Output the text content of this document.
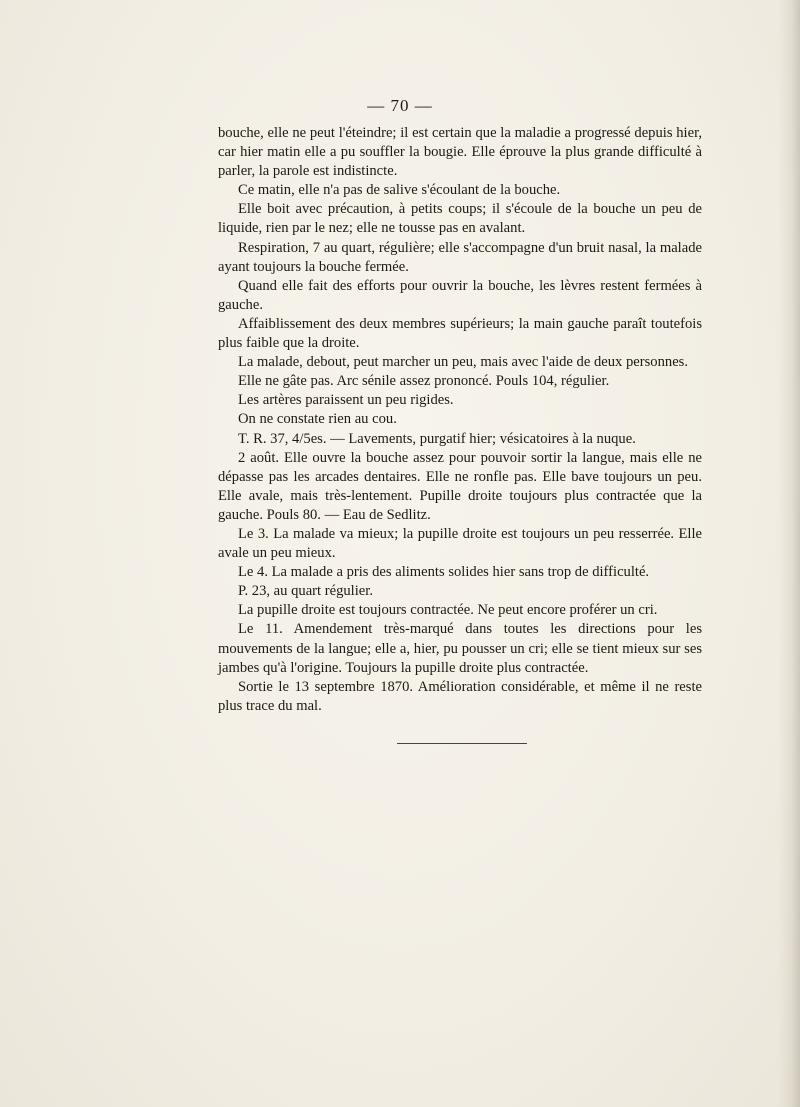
— 70 —

bouche, elle ne peut l'éteindre; il est certain que la maladie a progressé depuis hier, car hier matin elle a pu souffler la bougie. Elle éprouve la plus grande difficulté à parler, la parole est indistincte.

Ce matin, elle n'a pas de salive s'écoulant de la bouche.

Elle boit avec précaution, à petits coups; il s'écoule de la bouche un peu de liquide, rien par le nez; elle ne tousse pas en avalant.

Respiration, 7 au quart, régulière; elle s'accompagne d'un bruit nasal, la malade ayant toujours la bouche fermée.

Quand elle fait des efforts pour ouvrir la bouche, les lèvres restent fermées à gauche.

Affaiblissement des deux membres supérieurs; la main gauche paraît toutefois plus faible que la droite.

La malade, debout, peut marcher un peu, mais avec l'aide de deux personnes.

Elle ne gâte pas. Arc sénile assez prononcé. Pouls 104, régulier.

Les artères paraissent un peu rigides.

On ne constate rien au cou.

T. R. 37, 4/5es. — Lavements, purgatif hier; vésicatoires à la nuque.

2 août. Elle ouvre la bouche assez pour pouvoir sortir la langue, mais elle ne dépasse pas les arcades dentaires. Elle ne ronfle pas. Elle bave toujours un peu. Elle avale, mais très-lentement. Pupille droite toujours plus contractée que la gauche. Pouls 80. — Eau de Sedlitz.

Le 3. La malade va mieux; la pupille droite est toujours un peu resserrée. Elle avale un peu mieux.

Le 4. La malade a pris des aliments solides hier sans trop de difficulté.

P. 23, au quart régulier.

La pupille droite est toujours contractée. Ne peut encore proférer un cri.

Le 11. Amendement très-marqué dans toutes les directions pour les mouvements de la langue; elle a, hier, pu pousser un cri; elle se tient mieux sur ses jambes qu'à l'origine. Toujours la pupille droite plus contractée.

Sortie le 13 septembre 1870. Amélioration considérable, et même il ne reste plus trace du mal.
